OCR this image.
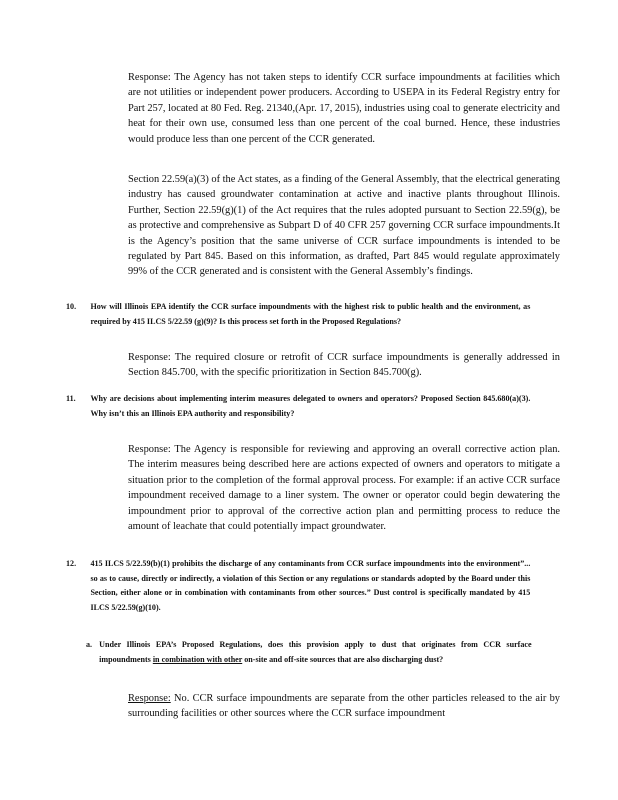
Response: The Agency has not taken steps to identify CCR surface impoundments at facilities which are not utilities or independent power producers. According to USEPA in its Federal Registry entry for Part 257, located at 80 Fed. Reg. 21340,(Apr. 17, 2015), industries using coal to generate electricity and heat for their own use, consumed less than one percent of the coal burned. Hence, these industries would produce less than one percent of the CCR generated.

Section 22.59(a)(3) of the Act states, as a finding of the General Assembly, that the electrical generating industry has caused groundwater contamination at active and inactive plants throughout Illinois. Further, Section 22.59(g)(1) of the Act requires that the rules adopted pursuant to Section 22.59(g), be as protective and comprehensive as Subpart D of 40 CFR 257 governing CCR surface impoundments.It is the Agency’s position that the same universe of CCR surface impoundments is intended to be regulated by Part 845. Based on this information, as drafted, Part 845 would regulate approximately 99% of the CCR generated and is consistent with the General Assembly’s findings.

10.	How will Illinois EPA identify the CCR surface impoundments with the highest risk to public health and the environment, as required by 415 ILCS 5/22.59 (g)(9)? Is this process set forth in the Proposed Regulations?

Response: The required closure or retrofit of CCR surface impoundments is generally addressed in Section 845.700, with the specific prioritization in Section 845.700(g).

11.	Why are decisions about implementing interim measures delegated to owners and operators? Proposed Section 845.680(a)(3). Why isn’t this an Illinois EPA authority and responsibility?

Response: The Agency is responsible for reviewing and approving an overall corrective action plan. The interim measures being described here are actions expected of owners and operators to mitigate a situation prior to the completion of the formal approval process. For example: if an active CCR surface impoundment received damage to a liner system. The owner or operator could begin dewatering the impoundment prior to approval of the corrective action plan and permitting process to reduce the amount of leachate that could potentially impact groundwater.

12.	415 ILCS 5/22.59(b)(1) prohibits the discharge of any contaminants from CCR surface impoundments into the environment”... so as to cause, directly or indirectly, a violation of this Section or any regulations or standards adopted by the Board under this Section, either alone or in combination with contaminants from other sources.” Dust control is specifically mandated by 415 ILCS 5/22.59(g)(10).
a. Under Illinois EPA’s Proposed Regulations, does this provision apply to dust that originates from CCR surface impoundments in combination with other on-site and off-site sources that are also discharging dust?

Response: No. CCR surface impoundments are separate from the other particles released to the air by surrounding facilities or other sources where the CCR surface impoundment
